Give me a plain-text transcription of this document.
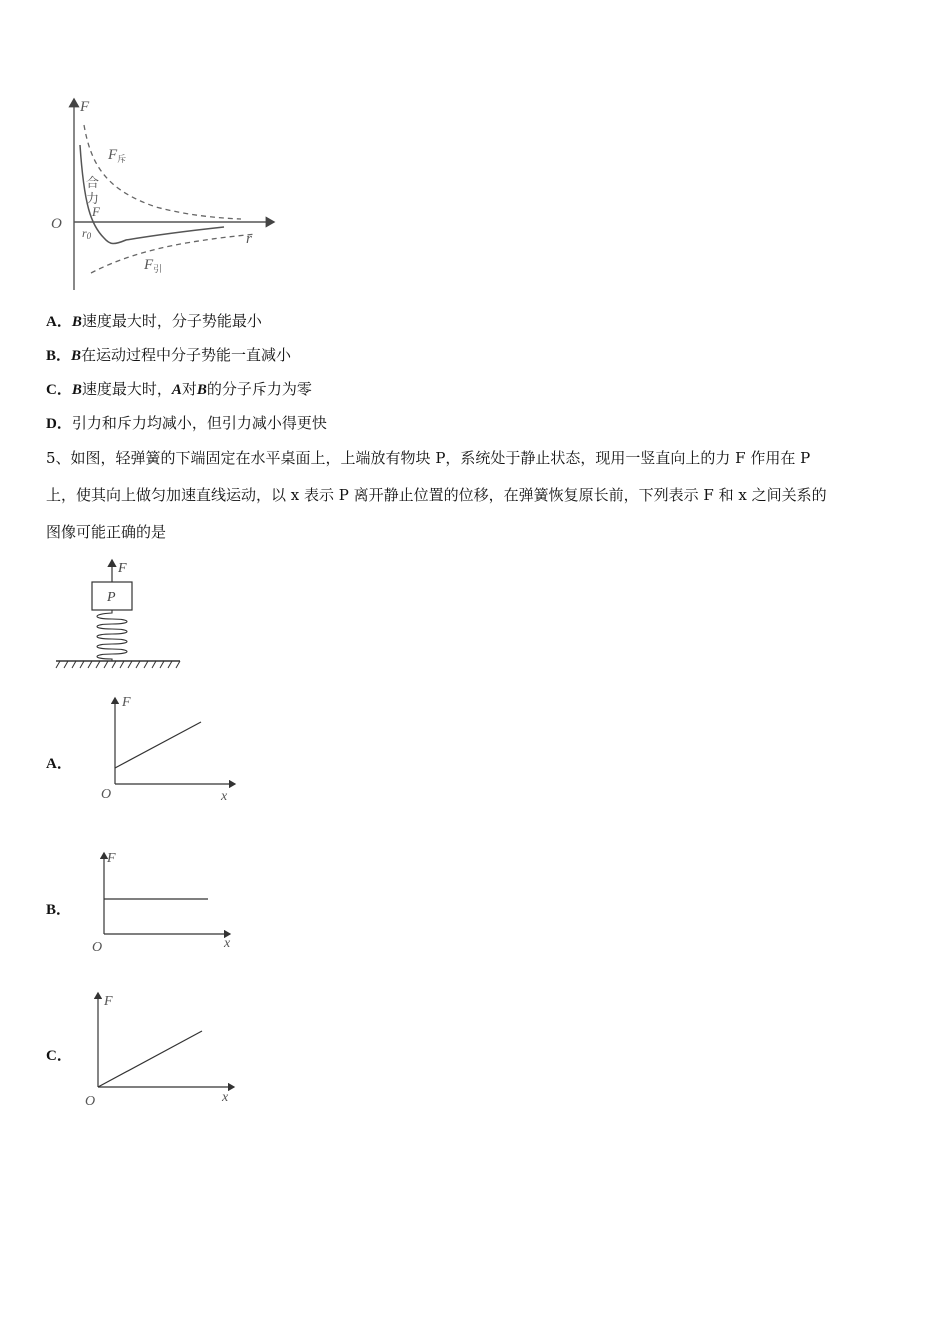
F
O
r
r0
$F_斥$
合
力
F
$F_引$
A．B速度最大时，分子势能最小
B．B在运动过程中分子势能一直减小
C．B速度最大时，A对B的分子斥力为零
D．引力和斥力均减小，但引力减小得更快
5、如图，轻弹簧的下端固定在水平桌面上，上端放有物块 P，系统处于静止状态，现用一竖直向上的力 F 作用在 P
上，使其向上做匀加速直线运动，以 x 表示 P 离开静止位置的位移，在弹簧恢复原长前，下列表示 F 和 x 之间关系的
图像可能正确的是
F
P
A．
F
x
O
B．
F
x
O
C．
F
x
O
